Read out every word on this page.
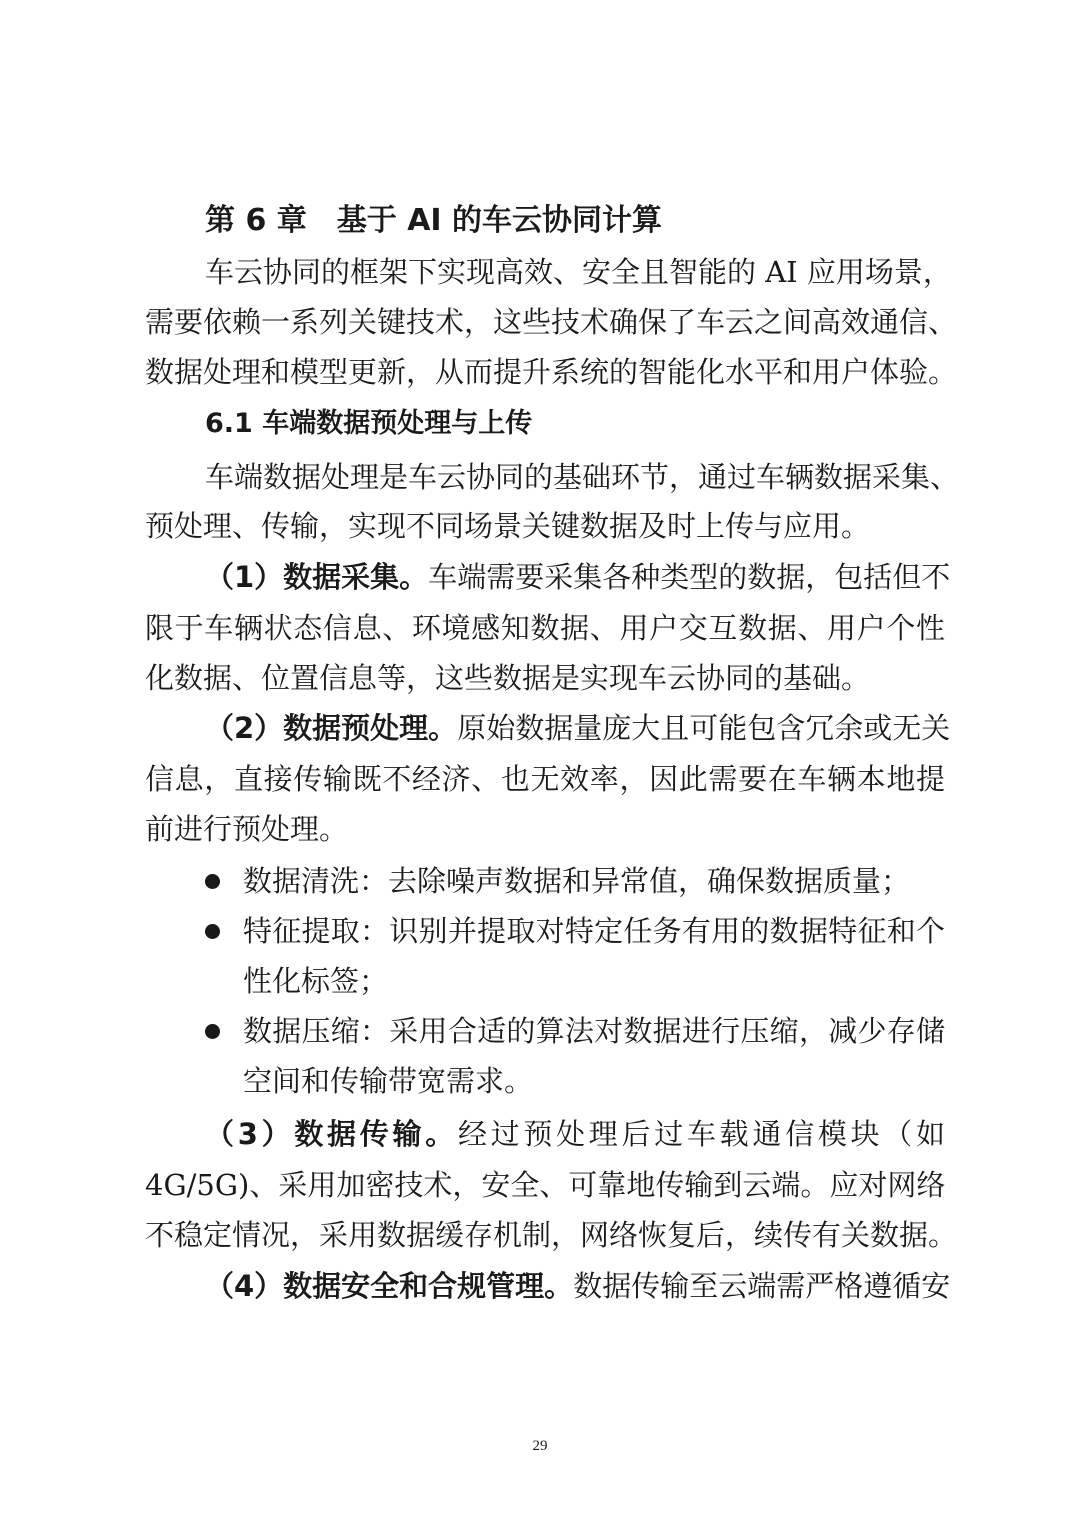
第 6 章　基于 AI 的车云协同计算
车云协同的框架下实现高效、安全且智能的 AI 应用场景，
需要依赖一系列关键技术，这些技术确保了车云之间高效通信、
数据处理和模型更新，从而提升系统的智能化水平和用户体验。
6.1 车端数据预处理与上传
车端数据处理是车云协同的基础环节，通过车辆数据采集、
预处理、传输，实现不同场景关键数据及时上传与应用。
（1）数据采集。车端需要采集各种类型的数据，包括但不
限于车辆状态信息、环境感知数据、用户交互数据、用户个性
化数据、位置信息等，这些数据是实现车云协同的基础。
（2）数据预处理。原始数据量庞大且可能包含冗余或无关
信息，直接传输既不经济、也无效率，因此需要在车辆本地提
前进行预处理。
数据清洗：去除噪声数据和异常值，确保数据质量；
特征提取：识别并提取对特定任务有用的数据特征和个
性化标签；
数据压缩：采用合适的算法对数据进行压缩，减少存储
空间和传输带宽需求。
（3）数据传输。经过预处理后过车载通信模块（如
4G/5G)、采用加密技术，安全、可靠地传输到云端。应对网络
不稳定情况，采用数据缓存机制，网络恢复后，续传有关数据。
（4）数据安全和合规管理。数据传输至云端需严格遵循安
29
